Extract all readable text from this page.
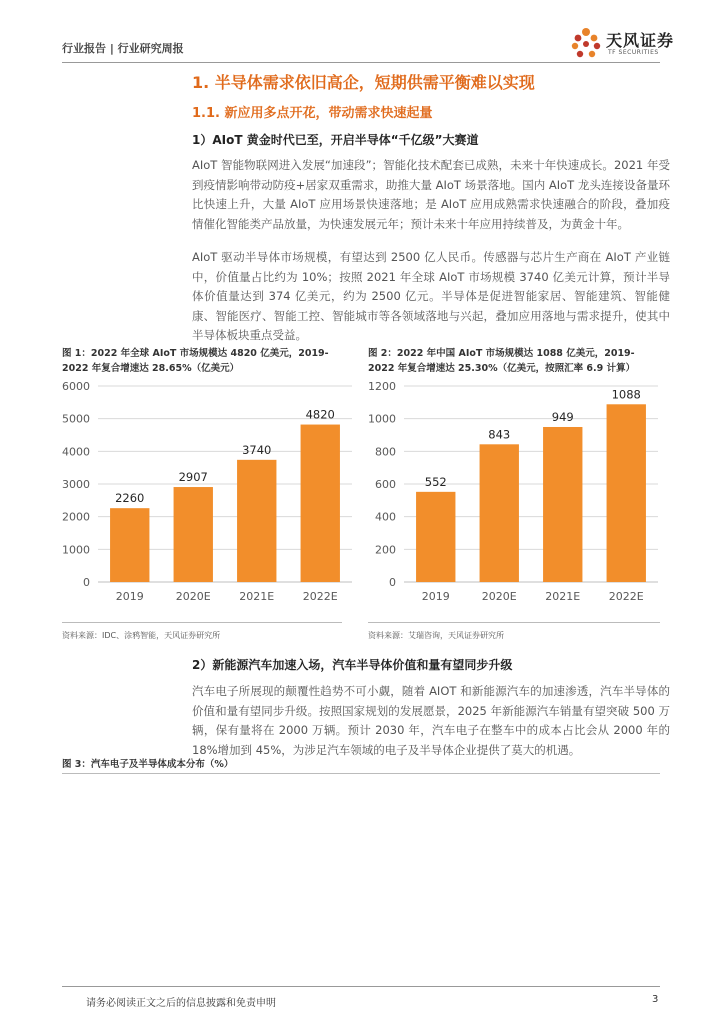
行业报告 | 行业研究周报	天风证券
TF SECURITIES
1. 半导体需求依旧高企，短期供需平衡难以实现
1.1. 新应用多点开花，带动需求快速起量
1）AIoT 黄金时代已至，开启半导体“千亿级”大赛道
AIoT 智能物联网进入发展“加速段”；智能化技术配套已成熟，未来十年快速成长。2021 年受到疫情影响带动防疫+居家双重需求，助推大量 AIoT 场景落地。国内 AIoT 龙头连接设备量环比快速上升，大量 AIoT 应用场景快速落地；是 AIoT 应用成熟需求快速融合的阶段，叠加疫情催化智能类产品放量，为快速发展元年；预计未来十年应用持续普及，为黄金十年。
AIoT 驱动半导体市场规模，有望达到 2500 亿人民币。传感器与芯片生产商在 AIoT 产业链中，价值量占比约为 10%；按照 2021 年全球 AIoT 市场规模 3740 亿美元计算，预计半导体价值量达到 374 亿美元，约为 2500 亿元。半导体是促进智能家居、智能建筑、智能健康、智能医疗、智能工控、智能城市等各领域落地与兴起，叠加应用落地与需求提升，使其中半导体板块重点受益。
图 1：2022 年全球 AIoT 市场规模达 4820 亿美元，2019-2022 年复合增速达 28.65%（亿美元）
图 2：2022 年中国 AIoT 市场规模达 1088 亿美元，2019-2022 年复合增速达 25.30%（亿美元，按照汇率 6.9 计算）
0
1000
2000
3000
4000
5000
6000
2260
2019
2907
2020E
3740
2021E
4820
2022E
0
200
400
600
800
1000
1200
552
2019
843
2020E
949
2021E
1088
2022E
资料来源：IDC、涂鸦智能，天风证券研究所	资料来源：艾瑞咨询，天风证券研究所
2）新能源汽车加速入场，汽车半导体价值和量有望同步升级
汽车电子所展现的颠覆性趋势不可小觑，随着 AIOT 和新能源汽车的加速渗透，汽车半导体的价值和量有望同步升级。按照国家规划的发展愿景，2025 年新能源汽车销量有望突破 500 万辆，保有量将在 2000 万辆。预计 2030 年，汽车电子在整车中的成本占比会从 2000 年的 18%增加到 45%，为涉足汽车领域的电子及半导体企业提供了莫大的机遇。
图 3：汽车电子及半导体成本分布（%）
请务必阅读正文之后的信息披露和免责申明	3
